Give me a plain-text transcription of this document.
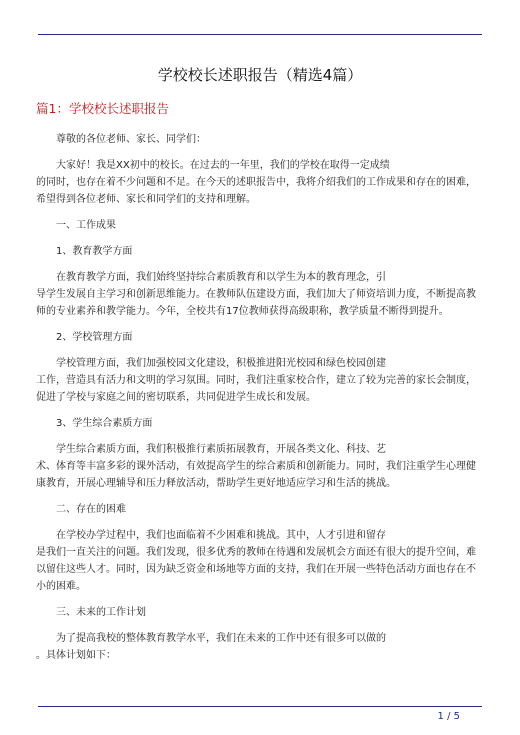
学校校长述职报告（精选4篇）
篇1：学校校长述职报告
尊敬的各位老师、家长、同学们：
大家好！我是XX初中的校长。在过去的一年里，我们的学校在取得一定成绩
的同时，也存在着不少问题和不足。在今天的述职报告中，我将介绍我们的工作成果和存在的困难，希望得到各位老师、家长和同学们的支持和理解。
一、工作成果
1、教育教学方面
在教育教学方面，我们始终坚持综合素质教育和以学生为本的教育理念，引
导学生发展自主学习和创新思维能力。在教师队伍建设方面，我们加大了师资培训力度，不断提高教师的专业素养和教学能力。今年，全校共有17位教师获得高级职称，教学质量不断得到提升。
2、学校管理方面
学校管理方面，我们加强校园文化建设，积极推进阳光校园和绿色校园创建
工作，营造具有活力和文明的学习氛围。同时，我们注重家校合作，建立了较为完善的家长会制度，促进了学校与家庭之间的密切联系，共同促进学生成长和发展。
3、学生综合素质方面
学生综合素质方面，我们积极推行素质拓展教育，开展各类文化、科技、艺
术、体育等丰富多彩的课外活动，有效提高学生的综合素质和创新能力。同时，我们注重学生心理健康教育，开展心理辅导和压力释放活动，帮助学生更好地适应学习和生活的挑战。
二、存在的困难
在学校办学过程中，我们也面临着不少困难和挑战。其中，人才引进和留存
是我们一直关注的问题。我们发现，很多优秀的教师在待遇和发展机会方面还有很大的提升空间，难以留住这些人才。同时，因为缺乏资金和场地等方面的支持，我们在开展一些特色活动方面也存在不小的困难。
三、未来的工作计划
为了提高我校的整体教育教学水平，我们在未来的工作中还有很多可以做的
。具体计划如下：
1 / 5
